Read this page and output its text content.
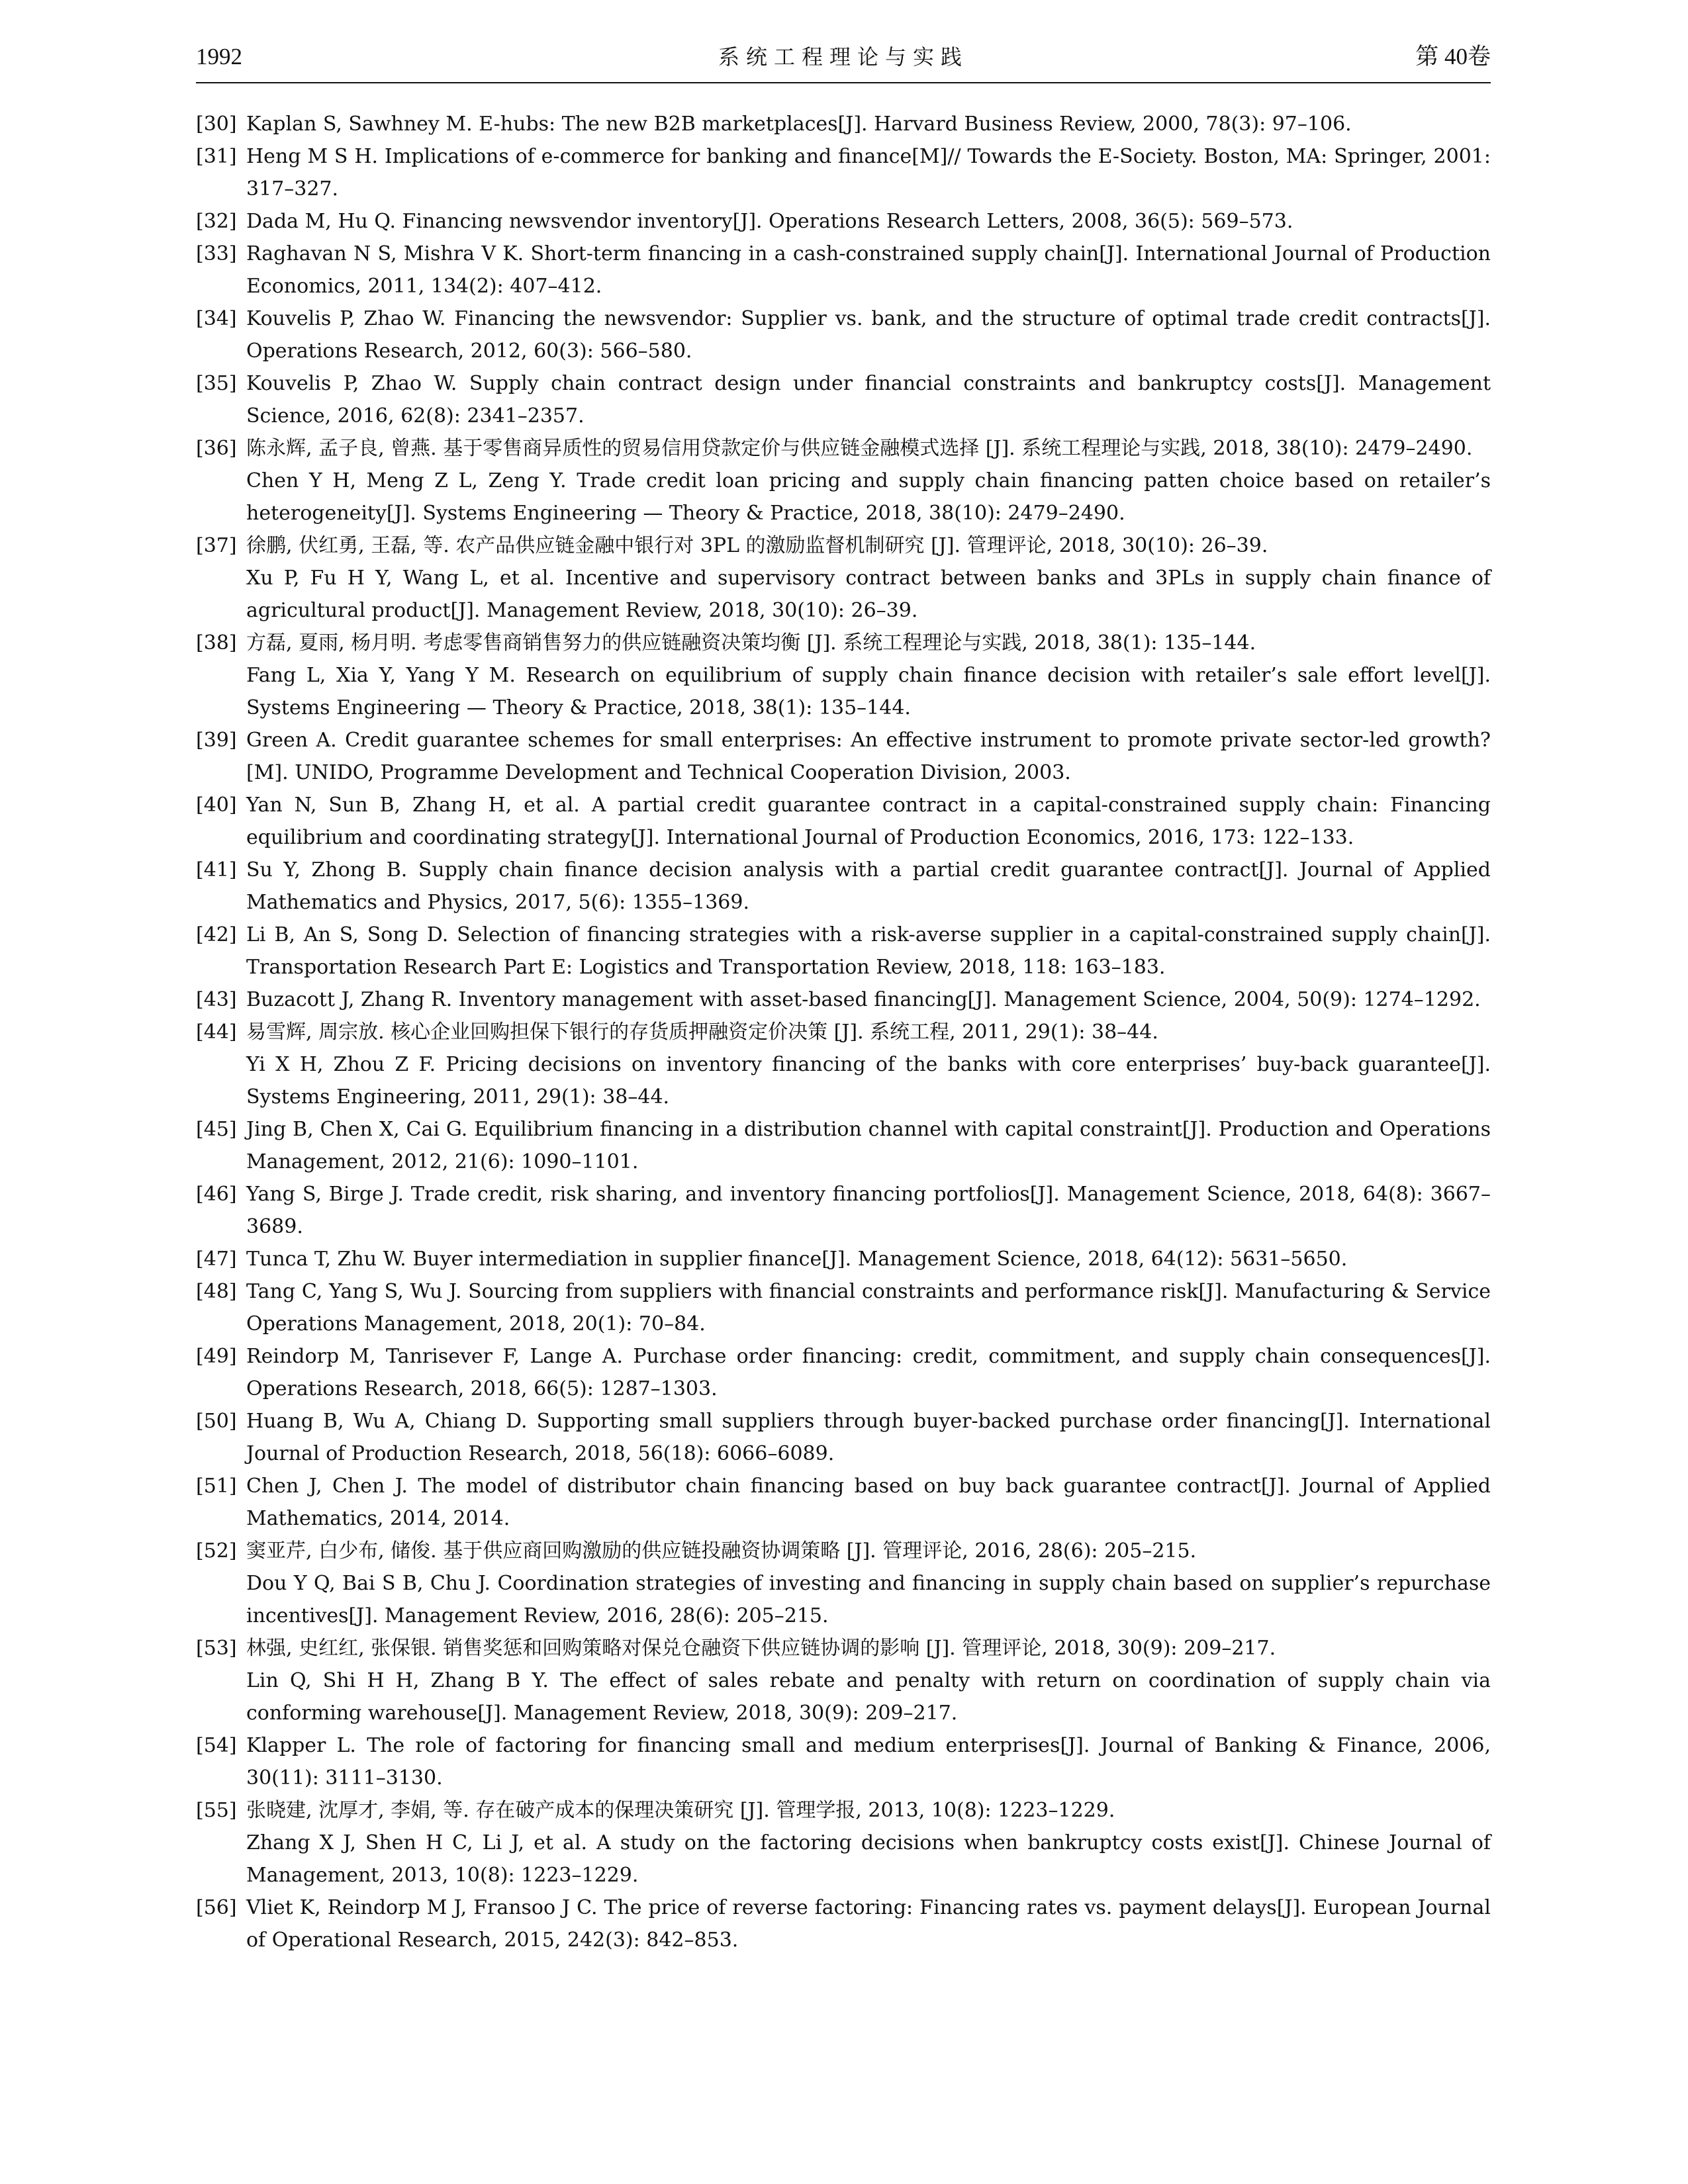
1992	系统工程理论与实践	第 40卷
[30] Kaplan S, Sawhney M. E-hubs: The new B2B marketplaces[J]. Harvard Business Review, 2000, 78(3): 97–106.
[31] Heng M S H. Implications of e-commerce for banking and finance[M]// Towards the E-Society. Boston, MA: Springer, 2001: 317–327.
[32] Dada M, Hu Q. Financing newsvendor inventory[J]. Operations Research Letters, 2008, 36(5): 569–573.
[33] Raghavan N S, Mishra V K. Short-term financing in a cash-constrained supply chain[J]. International Journal of Production Economics, 2011, 134(2): 407–412.
[34] Kouvelis P, Zhao W. Financing the newsvendor: Supplier vs. bank, and the structure of optimal trade credit contracts[J]. Operations Research, 2012, 60(3): 566–580.
[35] Kouvelis P, Zhao W. Supply chain contract design under financial constraints and bankruptcy costs[J]. Management Science, 2016, 62(8): 2341–2357.
[36] 陈永辉, 孟子良, 曾燕. 基于零售商异质性的贸易信用贷款定价与供应链金融模式选择 [J]. 系统工程理论与实践, 2018, 38(10): 2479–2490.
Chen Y H, Meng Z L, Zeng Y. Trade credit loan pricing and supply chain financing patten choice based on retailer’s heterogeneity[J]. Systems Engineering — Theory & Practice, 2018, 38(10): 2479–2490.
[37] 徐鹏, 伏红勇, 王磊, 等. 农产品供应链金融中银行对 3PL 的激励监督机制研究 [J]. 管理评论, 2018, 30(10): 26–39.
Xu P, Fu H Y, Wang L, et al. Incentive and supervisory contract between banks and 3PLs in supply chain finance of agricultural product[J]. Management Review, 2018, 30(10): 26–39.
[38] 方磊, 夏雨, 杨月明. 考虑零售商销售努力的供应链融资决策均衡 [J]. 系统工程理论与实践, 2018, 38(1): 135–144.
Fang L, Xia Y, Yang Y M. Research on equilibrium of supply chain finance decision with retailer’s sale effort level[J]. Systems Engineering — Theory & Practice, 2018, 38(1): 135–144.
[39] Green A. Credit guarantee schemes for small enterprises: An effective instrument to promote private sector-led growth?[M]. UNIDO, Programme Development and Technical Cooperation Division, 2003.
[40] Yan N, Sun B, Zhang H, et al. A partial credit guarantee contract in a capital-constrained supply chain: Financing equilibrium and coordinating strategy[J]. International Journal of Production Economics, 2016, 173: 122–133.
[41] Su Y, Zhong B. Supply chain finance decision analysis with a partial credit guarantee contract[J]. Journal of Applied Mathematics and Physics, 2017, 5(6): 1355–1369.
[42] Li B, An S, Song D. Selection of financing strategies with a risk-averse supplier in a capital-constrained supply chain[J]. Transportation Research Part E: Logistics and Transportation Review, 2018, 118: 163–183.
[43] Buzacott J, Zhang R. Inventory management with asset-based financing[J]. Management Science, 2004, 50(9): 1274–1292.
[44] 易雪辉, 周宗放. 核心企业回购担保下银行的存货质押融资定价决策 [J]. 系统工程, 2011, 29(1): 38–44.
Yi X H, Zhou Z F. Pricing decisions on inventory financing of the banks with core enterprises’ buy-back guarantee[J]. Systems Engineering, 2011, 29(1): 38–44.
[45] Jing B, Chen X, Cai G. Equilibrium financing in a distribution channel with capital constraint[J]. Production and Operations Management, 2012, 21(6): 1090–1101.
[46] Yang S, Birge J. Trade credit, risk sharing, and inventory financing portfolios[J]. Management Science, 2018, 64(8): 3667–3689.
[47] Tunca T, Zhu W. Buyer intermediation in supplier finance[J]. Management Science, 2018, 64(12): 5631–5650.
[48] Tang C, Yang S, Wu J. Sourcing from suppliers with financial constraints and performance risk[J]. Manufacturing & Service Operations Management, 2018, 20(1): 70–84.
[49] Reindorp M, Tanrisever F, Lange A. Purchase order financing: credit, commitment, and supply chain consequences[J]. Operations Research, 2018, 66(5): 1287–1303.
[50] Huang B, Wu A, Chiang D. Supporting small suppliers through buyer-backed purchase order financing[J]. International Journal of Production Research, 2018, 56(18): 6066–6089.
[51] Chen J, Chen J. The model of distributor chain financing based on buy back guarantee contract[J]. Journal of Applied Mathematics, 2014, 2014.
[52] 窦亚芹, 白少布, 储俊. 基于供应商回购激励的供应链投融资协调策略 [J]. 管理评论, 2016, 28(6): 205–215.
Dou Y Q, Bai S B, Chu J. Coordination strategies of investing and financing in supply chain based on supplier’s repurchase incentives[J]. Management Review, 2016, 28(6): 205–215.
[53] 林强, 史红红, 张保银. 销售奖惩和回购策略对保兑仓融资下供应链协调的影响 [J]. 管理评论, 2018, 30(9): 209–217.
Lin Q, Shi H H, Zhang B Y. The effect of sales rebate and penalty with return on coordination of supply chain via conforming warehouse[J]. Management Review, 2018, 30(9): 209–217.
[54] Klapper L. The role of factoring for financing small and medium enterprises[J]. Journal of Banking & Finance, 2006, 30(11): 3111–3130.
[55] 张晓建, 沈厚才, 李娟, 等. 存在破产成本的保理决策研究 [J]. 管理学报, 2013, 10(8): 1223–1229.
Zhang X J, Shen H C, Li J, et al. A study on the factoring decisions when bankruptcy costs exist[J]. Chinese Journal of Management, 2013, 10(8): 1223–1229.
[56] Vliet K, Reindorp M J, Fransoo J C. The price of reverse factoring: Financing rates vs. payment delays[J]. European Journal of Operational Research, 2015, 242(3): 842–853.
